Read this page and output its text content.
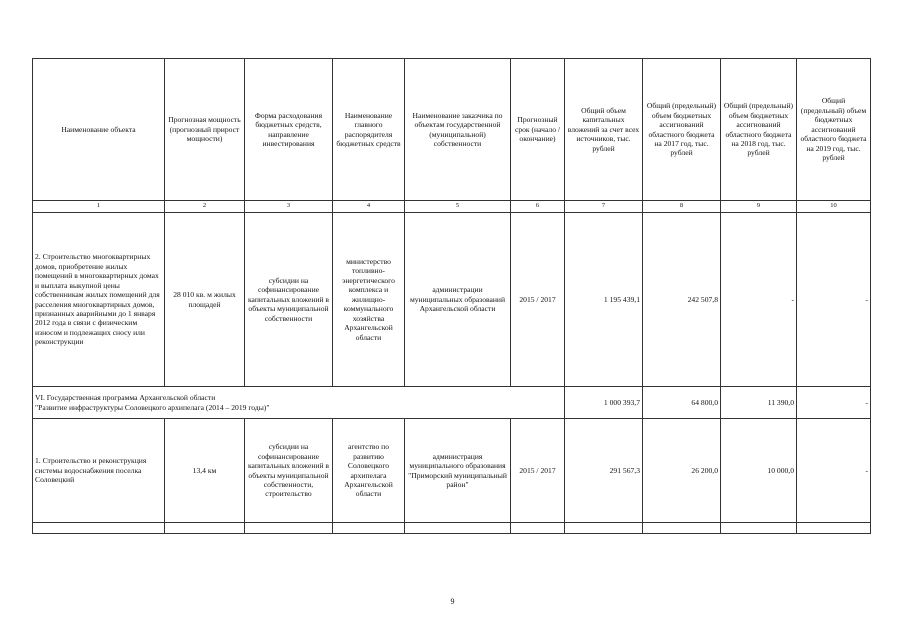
Наименование объекта	Прогнозная мощность (прогнозный прирост мощности)	Форма расходования бюджетных средств, направление инвестирования	Наименование главного распорядителя бюджетных средств	Наименование заказчика по объектам государственной (муниципальной) собственности	Прогнозный срок (начало / окончание)	Общий объем капитальных вложений за счет всех источников, тыс. рублей	Общий (предельный) объем бюджетных ассигнований областного бюджета на 2017 год, тыс. рублей	Общий (предельный) объем бюджетных ассигнований областного бюджета на 2018 год, тыс. рублей	Общий (предельный) объем бюджетных ассигнований областного бюджета на 2019 год, тыс. рублей
1	2	3	4	5	6	7	8	9	10
2. Строительство многоквартирных домов, приобретение жилых помещений в многоквартирных домах и выплата выкупной цены собственникам жилых помещений для расселения многоквартирных домов, признанных аварийными до 1 января 2012 года в связи с физическим износом и подлежащих сносу или реконструкции	28 010 кв. м жилых площадей	субсидии на софинансирование капитальных вложений в объекты муниципальной собственности	министерство топливно-энергетического комплекса и жилищно-коммунального хозяйства Архангельской области	администрации муниципальных образований Архангельской области	2015 / 2017	1 195 439,1	242 507,8	-	-

VI. Государственная программа Архангельской области
"Развитие инфраструктуры Соловецкого архипелага (2014 – 2019 годы)"						1 000 393,7	64 800,0	11 390,0	-
1. Строительство и реконструкция системы водоснабжения поселка Соловецкий	13,4 км	субсидии на софинансирование капитальных вложений в объекты муниципальной собственности, строительство	агентство по развитию Соловецкого архипелага Архангельской области	администрация муниципального образования "Приморский муниципальный район"	2015 / 2017	291 567,3	26 200,0	10 000,0	-

9
